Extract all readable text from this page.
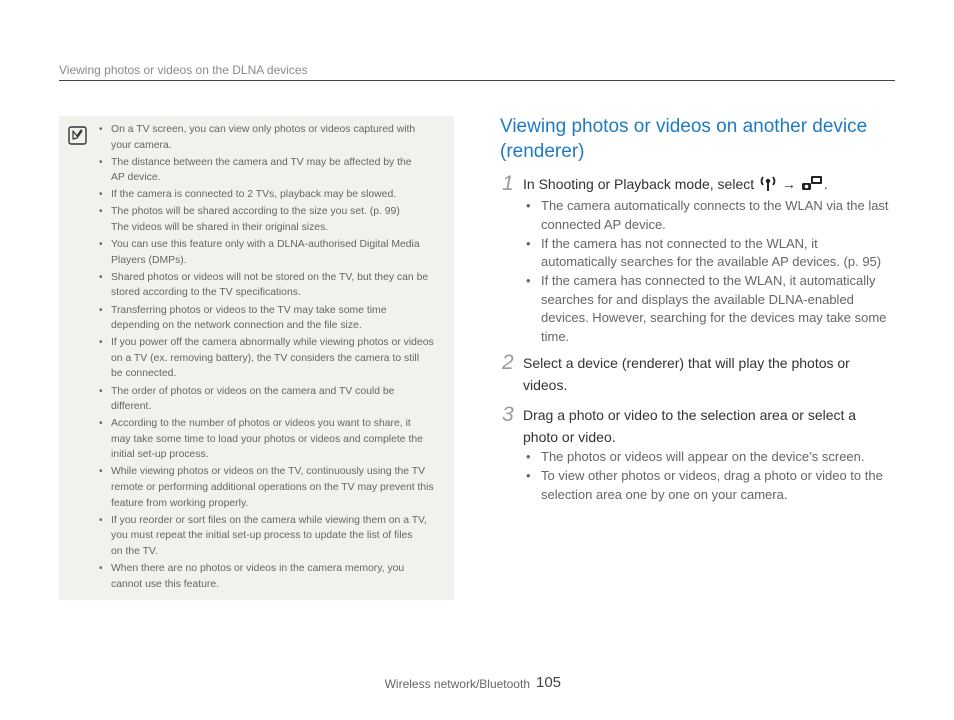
Viewing photos or videos on the DLNA devices
• On a TV screen, you can view only photos or videos captured with
your camera.
• The distance between the camera and TV may be affected by the
AP device.
• If the camera is connected to 2 TVs, playback may be slowed.
• The photos will be shared according to the size you set. (p. 99)
The videos will be shared in their original sizes.
• You can use this feature only with a DLNA-authorised Digital Media
Players (DMPs).
• Shared photos or videos will not be stored on the TV, but they can be
stored according to the TV specifications.
• Transferring photos or videos to the TV may take some time
depending on the network connection and the file size.
• If you power off the camera abnormally while viewing photos or videos
on a TV (ex. removing battery), the TV considers the camera to still
be connected.
• The order of photos or videos on the camera and TV could be
different.
• According to the number of photos or videos you want to share, it
may take some time to load your photos or videos and complete the
initial set-up process.
• While viewing photos or videos on the TV, continuously using the TV
remote or performing additional operations on the TV may prevent this
feature from working properly.
• If you reorder or sort files on the camera while viewing them on a TV,
you must repeat the initial set-up process to update the list of files
on the TV.
• When there are no photos or videos in the camera memory, you
cannot use this feature.
Viewing photos or videos on another device (renderer)
1 In Shooting or Playback mode, select → .
• The camera automatically connects to the WLAN via the last connected AP device.
• If the camera has not connected to the WLAN, it automatically searches for the available AP devices. (p. 95)
• If the camera has connected to the WLAN, it automatically searches for and displays the available DLNA-enabled devices. However, searching for the devices may take some time.
2 Select a device (renderer) that will play the photos or videos.
3 Drag a photo or video to the selection area or select a photo or video.
• The photos or videos will appear on the device’s screen.
• To view other photos or videos, drag a photo or video to the selection area one by one on your camera.
Wireless network/Bluetooth 105
